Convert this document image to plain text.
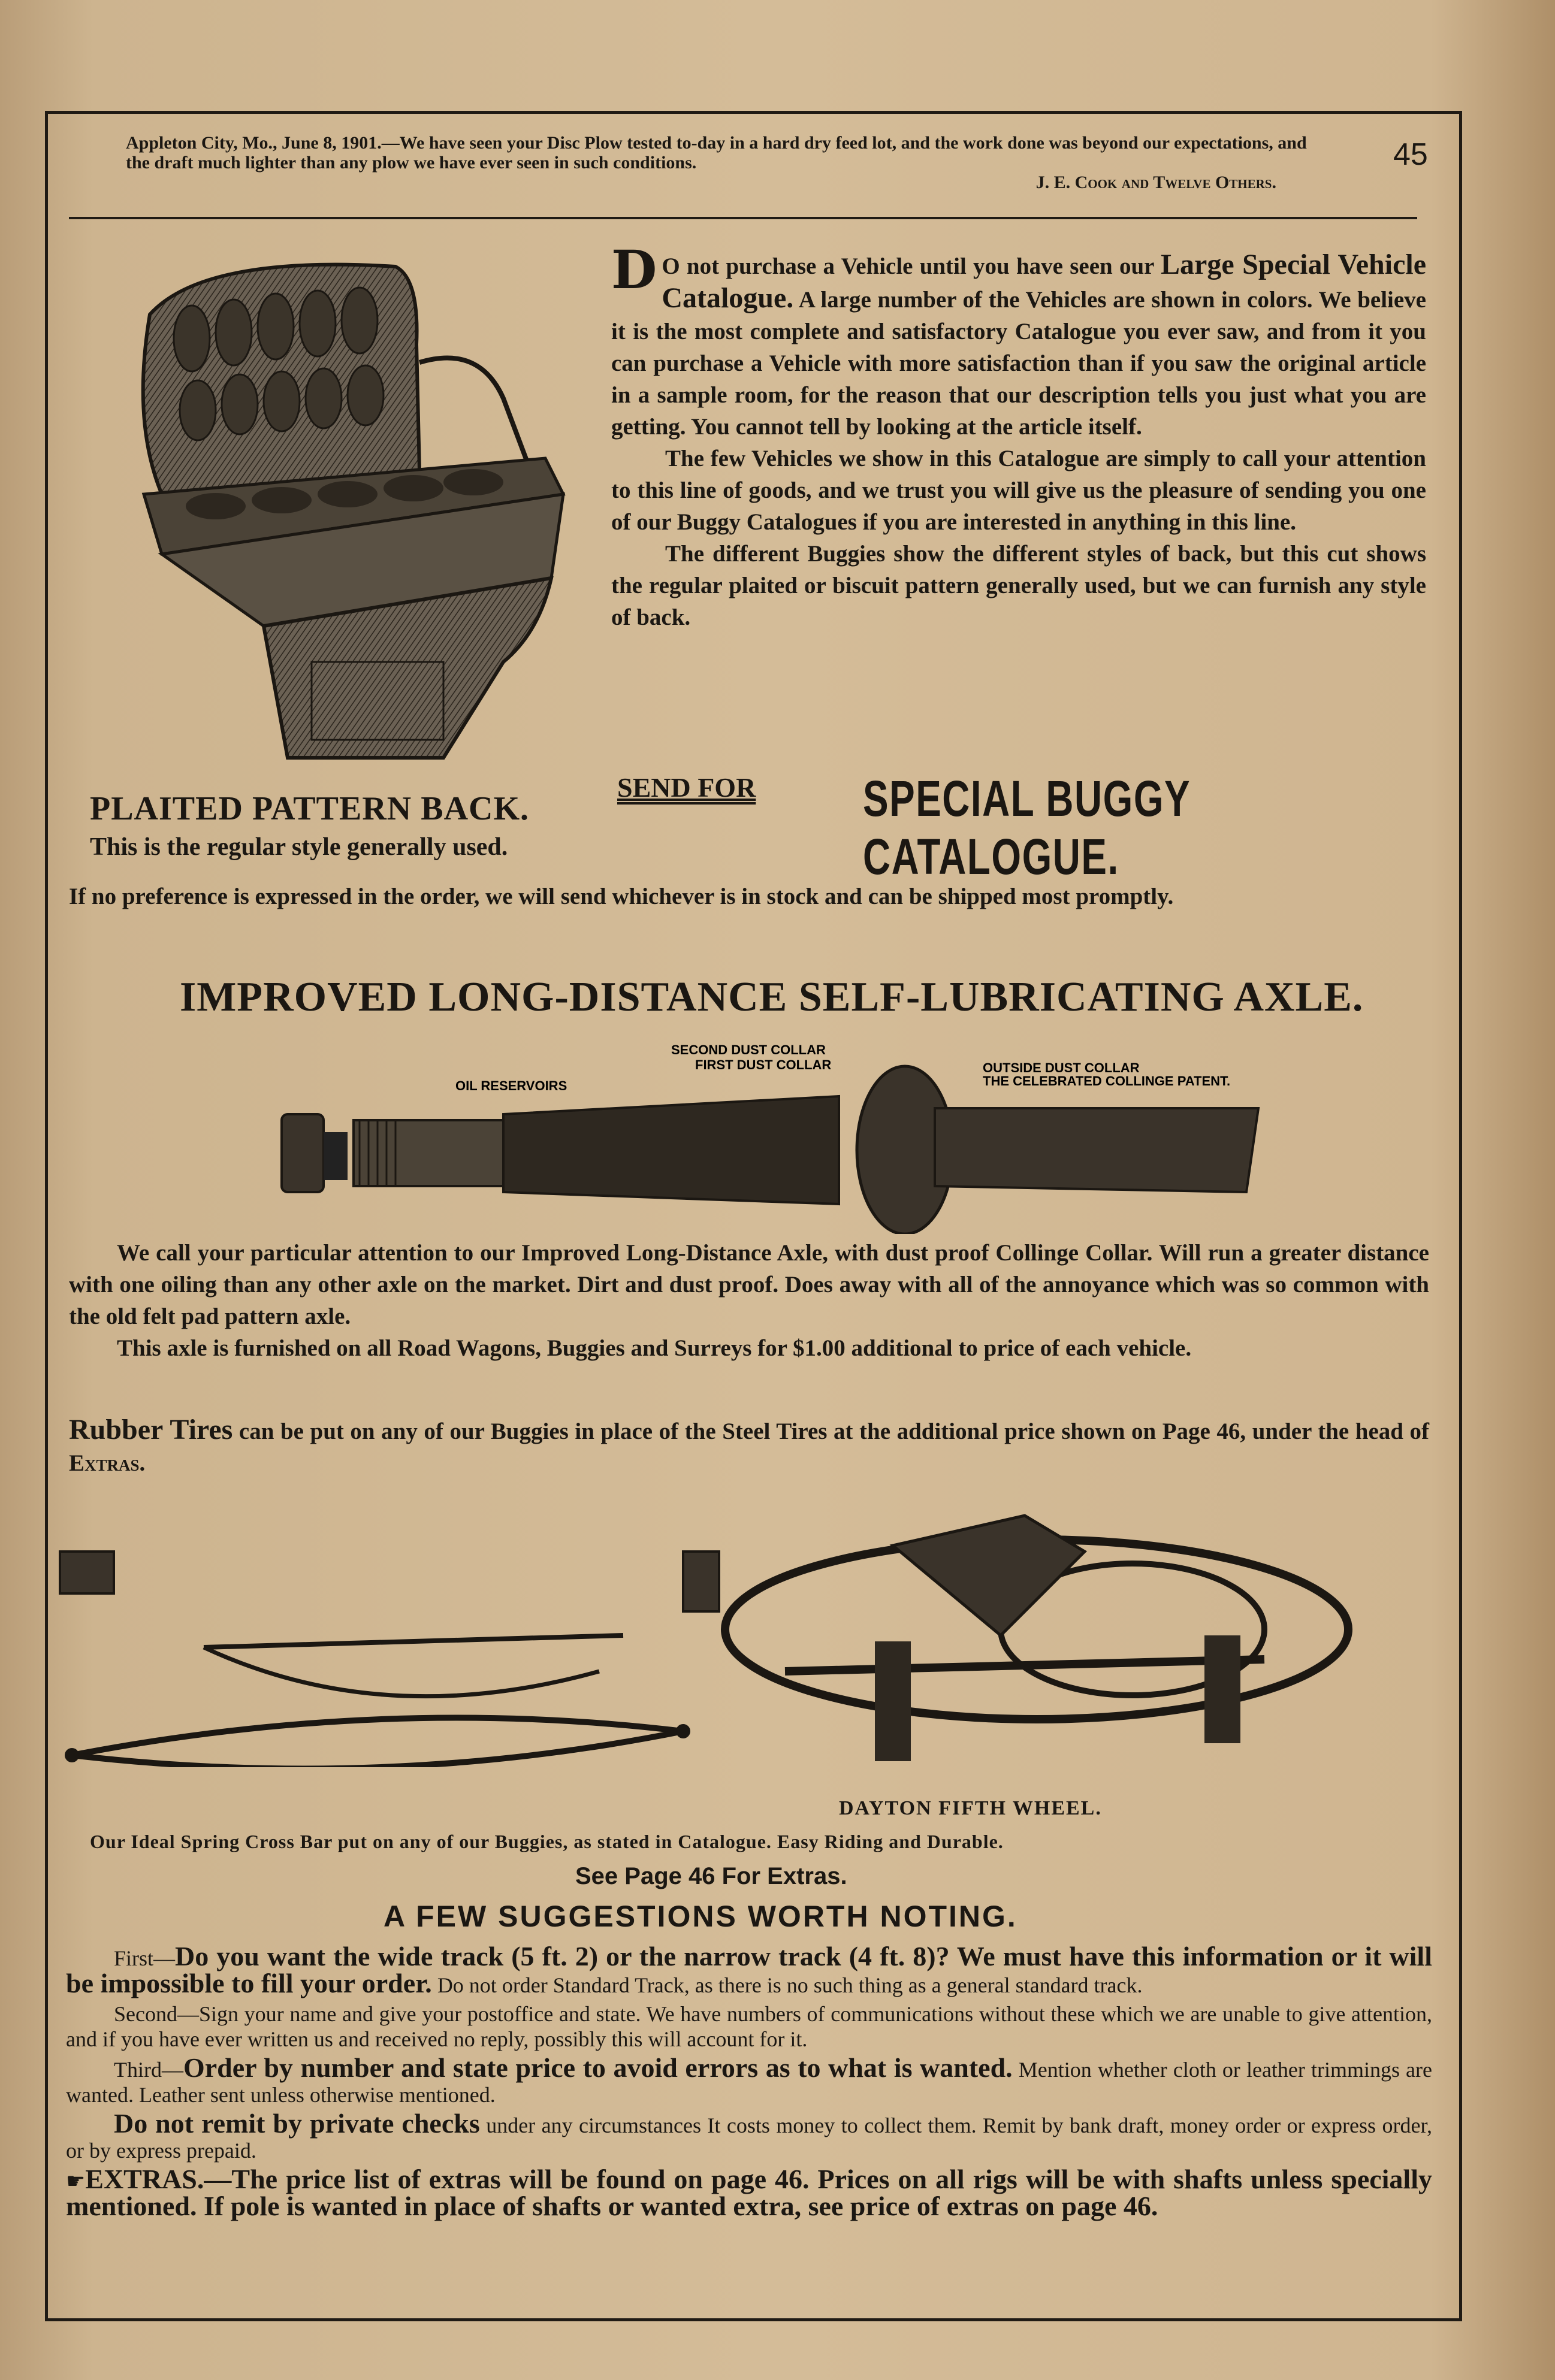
Appleton City, Mo., June 8, 1901.—We have seen your Disc Plow tested to-day in a hard dry feed lot, and the work done was beyond our expectations, and the draft much lighter than any plow we have ever seen in such conditions.
J. E. Cook and Twelve Others.
45
PLAITED PATTERN BACK.
This is the regular style generally used.

D O not purchase a Vehicle until you have seen our Large Special Vehicle Catalogue. A large number of the Vehicles are shown in colors. We believe it is the most complete and satisfactory Catalogue you ever saw, and from it you can purchase a Vehicle with more satisfaction than if you saw the original article in a sample room, for the reason that our description tells you just what you are getting. You cannot tell by looking at the article itself.

The few Vehicles we show in this Catalogue are simply to call your attention to this line of goods, and we trust you will give us the pleasure of sending you one of our Buggy Catalogues if you are interested in anything in this line.

The different Buggies show the different styles of back, but this cut shows the regular plaited or biscuit pattern generally used, but we can furnish any style of back.

SEND FOR SPECIAL BUGGY CATALOGUE.
If no preference is expressed in the order, we will send whichever is in stock and can be shipped most promptly.
IMPROVED LONG-DISTANCE SELF-LUBRICATING AXLE.
SECOND DUST COLLAR
FIRST DUST COLLAR	OUTSIDE DUST COLLAR
THE CELEBRATED COLLINGE PATENT.
OIL RESERVOIRS

We call your particular attention to our Improved Long-Distance Axle, with dust proof Collinge Collar. Will run a greater distance with one oiling than any other axle on the market. Dirt and dust proof. Does away with all of the annoyance which was so common with the old felt pad pattern axle.

This axle is furnished on all Road Wagons, Buggies and Surreys for $1.00 additional to price of each vehicle.

Rubber Tires can be put on any of our Buggies in place of the Steel Tires at the additional price shown on Page 46, under the head of Extras.
DAYTON FIFTH WHEEL.
Our Ideal Spring Cross Bar put on any of our Buggies, as stated in Catalogue. Easy Riding and Durable.
See Page 46 For Extras.
A FEW SUGGESTIONS WORTH NOTING.

First—Do you want the wide track (5 ft. 2) or the narrow track (4 ft. 8)? We must have this information or it will be impossible to fill your order. Do not order Standard Track, as there is no such thing as a general standard track.

Second—Sign your name and give your postoffice and state. We have numbers of communications without these which we are unable to give attention, and if you have ever written us and received no reply, possibly this will account for it.

Third—Order by number and state price to avoid errors as to what is wanted. Mention whether cloth or leather trimmings are wanted. Leather sent unless otherwise mentioned.

Do not remit by private checks under any circumstances It costs money to collect them. Remit by bank draft, money order or express order, or by express prepaid.

☛EXTRAS.—The price list of extras will be found on page 46. Prices on all rigs will be with shafts unless specially mentioned. If pole is wanted in place of shafts or wanted extra, see price of extras on page 46.
